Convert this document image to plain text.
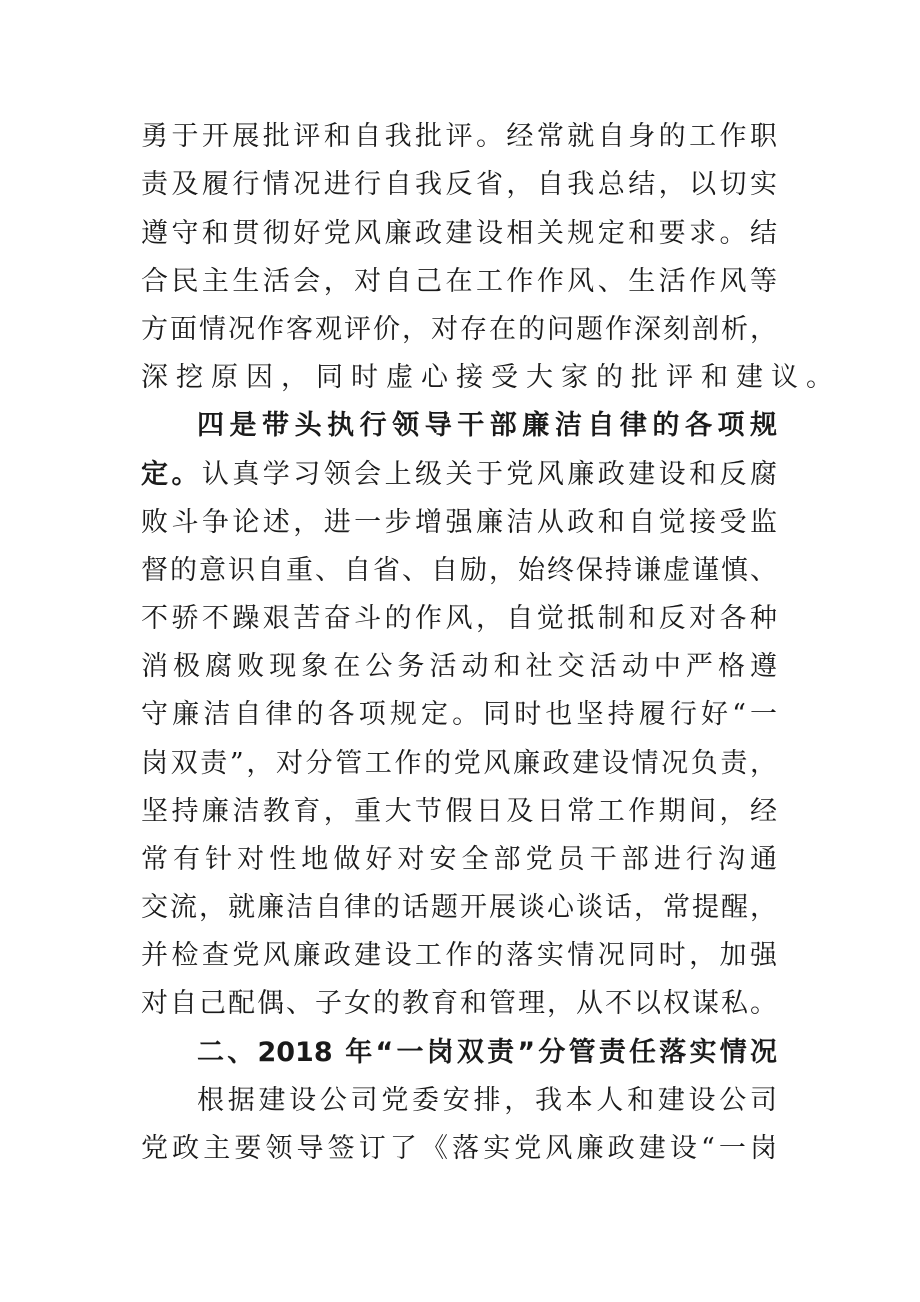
勇于开展批评和自我批评。经常就自身的工作职
责及履行情况进行自我反省，自我总结，以切实
遵守和贯彻好党风廉政建设相关规定和要求。结
合民主生活会，对自己在工作作风、生活作风等
方面情况作客观评价，对存在的问题作深刻剖析，
深挖原因，同时虚心接受大家的批评和建议。
四是带头执行领导干部廉洁自律的各项规
定。认真学习领会上级关于党风廉政建设和反腐
败斗争论述，进一步增强廉洁从政和自觉接受监
督的意识自重、自省、自励，始终保持谦虚谨慎、
不骄不躁艰苦奋斗的作风，自觉抵制和反对各种
消极腐败现象在公务活动和社交活动中严格遵
守廉洁自律的各项规定。同时也坚持履行好“一
岗双责”，对分管工作的党风廉政建设情况负责，
坚持廉洁教育，重大节假日及日常工作期间，经
常有针对性地做好对安全部党员干部进行沟通
交流，就廉洁自律的话题开展谈心谈话，常提醒，
并检查党风廉政建设工作的落实情况同时，加强
对自己配偶、子女的教育和管理，从不以权谋私。
二、2018 年“一岗双责”分管责任落实情况
根据建设公司党委安排，我本人和建设公司
党政主要领导签订了《落实党风廉政建设“一岗
